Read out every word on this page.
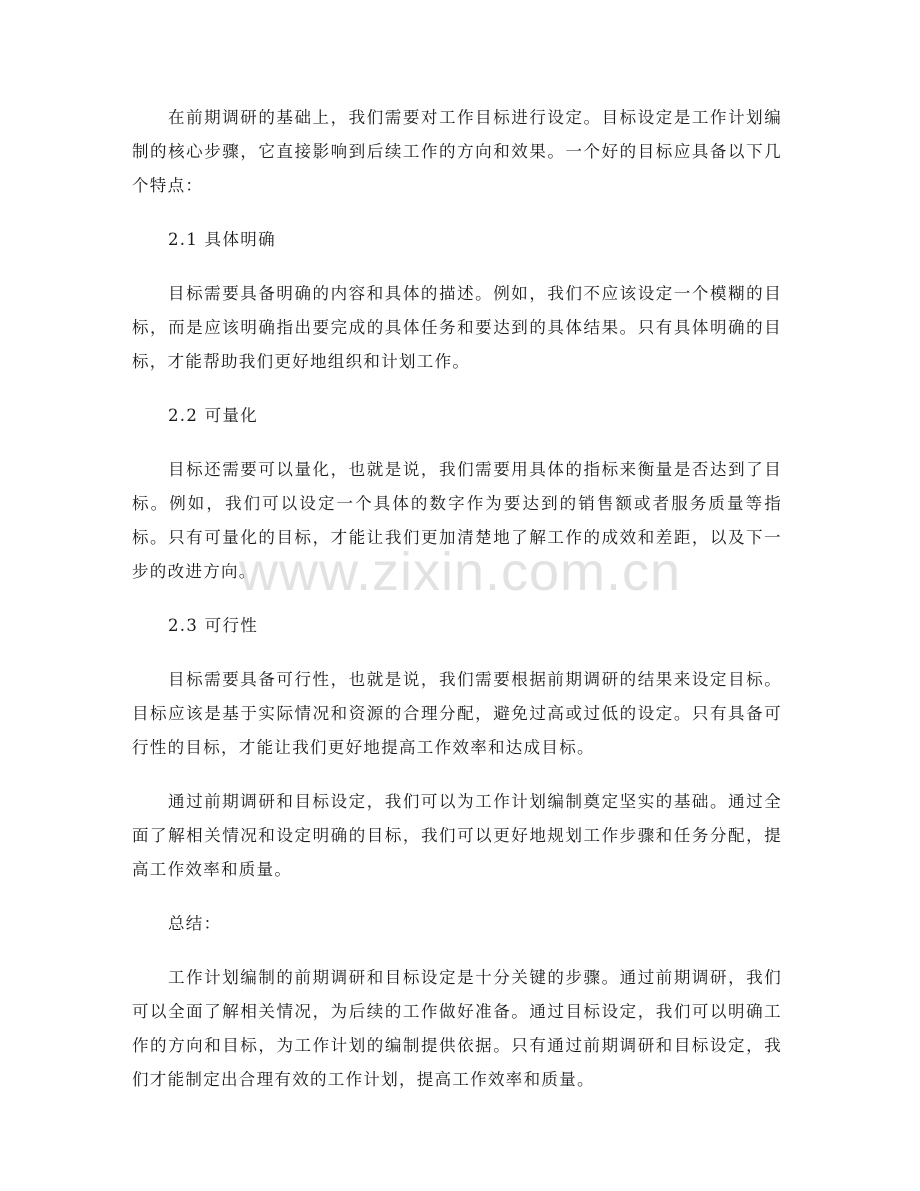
在前期调研的基础上，我们需要对工作目标进行设定。目标设定是工作计划编制的核心步骤，它直接影响到后续工作的方向和效果。一个好的目标应具备以下几个特点：

2.1 具体明确

目标需要具备明确的内容和具体的描述。例如，我们不应该设定一个模糊的目标，而是应该明确指出要完成的具体任务和要达到的具体结果。只有具体明确的目标，才能帮助我们更好地组织和计划工作。

2.2 可量化

目标还需要可以量化，也就是说，我们需要用具体的指标来衡量是否达到了目标。例如，我们可以设定一个具体的数字作为要达到的销售额或者服务质量等指标。只有可量化的目标，才能让我们更加清楚地了解工作的成效和差距，以及下一步的改进方向。

2.3 可行性

目标需要具备可行性，也就是说，我们需要根据前期调研的结果来设定目标。目标应该是基于实际情况和资源的合理分配，避免过高或过低的设定。只有具备可行性的目标，才能让我们更好地提高工作效率和达成目标。

通过前期调研和目标设定，我们可以为工作计划编制奠定坚实的基础。通过全面了解相关情况和设定明确的目标，我们可以更好地规划工作步骤和任务分配，提高工作效率和质量。

总结：

工作计划编制的前期调研和目标设定是十分关键的步骤。通过前期调研，我们可以全面了解相关情况，为后续的工作做好准备。通过目标设定，我们可以明确工作的方向和目标，为工作计划的编制提供依据。只有通过前期调研和目标设定，我们才能制定出合理有效的工作计划，提高工作效率和质量。

www.zixin.com.cn
